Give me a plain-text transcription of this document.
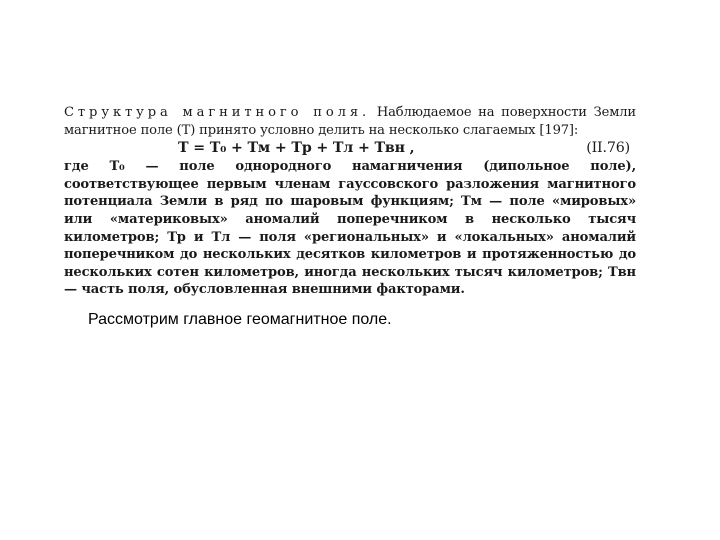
Структура магнитного поля. Наблюдаемое на поверхности Земли магнитное поле (T) принято условно делить на несколько слагаемых [197]:

T = T₀ + Tм + Tр + Tл + Tвн ,	(II.76)

где T₀ — поле однородного намагничения (дипольное поле), соответствующее первым членам гауссовского разложения магнитного потенциала Земли в ряд по шаровым функциям; Tм — поле «мировых» или «материковых» аномалий поперечником в несколько тысяч километров; Tр и Tл — поля «региональных» и «локальных» аномалий поперечником до нескольких десятков километров и протяженностью до нескольких сотен километров, иногда нескольких тысяч километров; Tвн — часть поля, обусловленная внешними факторами.

Рассмотрим главное геомагнитное поле.
